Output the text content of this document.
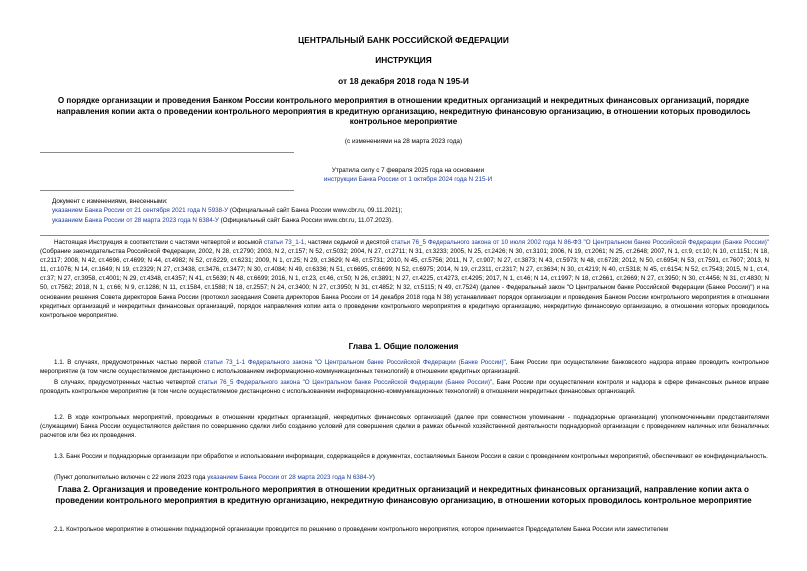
ЦЕНТРАЛЬНЫЙ БАНК РОССИЙСКОЙ ФЕДЕРАЦИИ
ИНСТРУКЦИЯ
от 18 декабря 2018 года N 195-И
О порядке организации и проведения Банком России контрольного мероприятия в отношении кредитных организаций и некредитных финансовых организаций, порядке направления копии акта о проведении контрольного мероприятия в кредитную организацию, некредитную финансовую организацию, в отношении которых проводилось контрольное мероприятие
(с изменениями на 28 марта 2023 года)
Утратила силу с 7 февраля 2025 года на основании
инструкции Банка России от 1 октября 2024 года N 215-И
Документ с изменениями, внесенными:
указанием Банка России от 21 сентября 2021 года N 5938-У (Официальный сайт Банка России www.cbr.ru, 09.11.2021);
указанием Банка России от 28 марта 2023 года N 6384-У (Официальный сайт Банка России www.cbr.ru, 11.07.2023).
Настоящая Инструкция в соответствии с частями четвертой и восьмой статьи 73_1-1, частями седьмой и десятой статьи 76_5 Федерального закона от 10 июля 2002 года N 86-ФЗ "О Центральном банке Российской Федерации (Банке России)" (Собрание законодательства Российской Федерации, 2002, N 28, ст.2790; 2003, N 2, ст.157; N 52, ст.5032; 2004, N 27, ст.2711; N 31, ст.3233; 2005, N 25, ст.2426; N 30, ст.3101; 2006, N 19, ст.2061; N 25, ст.2648; 2007, N 1, ст.9, ст.10; N 10, ст.1151; N 18, ст.2117; 2008, N 42, ст.4696, ст.4699; N 44, ст.4982; N 52, ст.6229, ст.6231; 2009, N 1, ст.25; N 29, ст.3629; N 48, ст.5731; 2010, N 45, ст.5756; 2011, N 7, ст.907; N 27, ст.3873; N 43, ст.5973; N 48, ст.6728; 2012, N 50, ст.6954; N 53, ст.7591, ст.7607; 2013, N 11, ст.1076; N 14, ст.1649; N 19, ст.2329; N 27, ст.3438, ст.3476, ст.3477; N 30, ст.4084; N 49, ст.6336; N 51, ст.6695, ст.6699; N 52, ст.6975; 2014, N 19, ст.2311, ст.2317; N 27, ст.3634; N 30, ст.4219; N 40, ст.5318; N 45, ст.6154; N 52, ст.7543; 2015, N 1, ст.4, ст.37; N 27, ст.3958, ст.4001; N 29, ст.4348, ст.4357; N 41, ст.5639; N 48, ст.6699; 2016, N 1, ст.23, ст.46, ст.50; N 26, ст.3891; N 27, ст.4225, ст.4273, ст.4295; 2017, N 1, ст.46; N 14, ст.1997; N 18, ст.2661, ст.2669; N 27, ст.3950; N 30, ст.4456; N 31, ст.4830; N 50, ст.7562; 2018, N 1, ст.66; N 9, ст.1286; N 11, ст.1584, ст.1588; N 18, ст.2557; N 24, ст.3400; N 27, ст.3950; N 31, ст.4852; N 32, ст.5115; N 49, ст.7524) (далее - Федеральный закон "О Центральном банке Российской Федерации (Банке России)") и на основании решения Совета директоров Банка России (протокол заседания Совета директоров Банка России от 14 декабря 2018 года N 38) устанавливает порядок организации и проведения Банком России контрольного мероприятия в отношении кредитных организаций и некредитных финансовых организаций, порядок направления копии акта о проведении контрольного мероприятия в кредитную организацию, некредитную финансовую организацию, в отношении которых проводилось контрольное мероприятие.
Глава 1. Общие положения
1.1. В случаях, предусмотренных частью первой статьи 73_1-1 Федерального закона "О Центральном банке Российской Федерации (Банке России)", Банк России при осуществлении банковского надзора вправе проводить контрольное мероприятие (в том числе осуществляемое дистанционно с использованием информационно-коммуникационных технологий) в отношении кредитных организаций.
В случаях, предусмотренных частью четвертой статьи 76_5 Федерального закона "О Центральном банке Российской Федерации (Банке России)", Банк России при осуществлении контроля и надзора в сфере финансовых рынков вправе проводить контрольное мероприятие (в том числе осуществляемое дистанционно с использованием информационно-коммуникационных технологий) в отношении некредитных финансовых организаций.
1.2. В ходе контрольных мероприятий, проводимых в отношении кредитных организаций, некредитных финансовых организаций (далее при совместном упоминании - поднадзорные организации) уполномоченными представителями (служащими) Банка России осуществляются действия по совершению сделки либо созданию условий для совершения сделки в рамках обычной хозяйственной деятельности поднадзорной организации с проведением наличных или безналичных расчетов или без их проведения.
1.3. Банк России и поднадзорные организации при обработке и использовании информации, содержащейся в документах, составляемых Банком России в связи с проведением контрольных мероприятий, обеспечивают ее конфиденциальность.
(Пункт дополнительно включен с 22 июля 2023 года указанием Банка России от 28 марта 2023 года N 6384-У)
Глава 2. Организация и проведение контрольного мероприятия в отношении кредитных организаций и некредитных финансовых организаций, направление копии акта о проведении контрольного мероприятия в кредитную организацию, некредитную финансовую организацию, в отношении которых проводилось контрольное мероприятие
2.1. Контрольное мероприятие в отношении поднадзорной организации проводится по решению о проведении контрольного мероприятия, которое принимается Председателем Банка России или заместителем
